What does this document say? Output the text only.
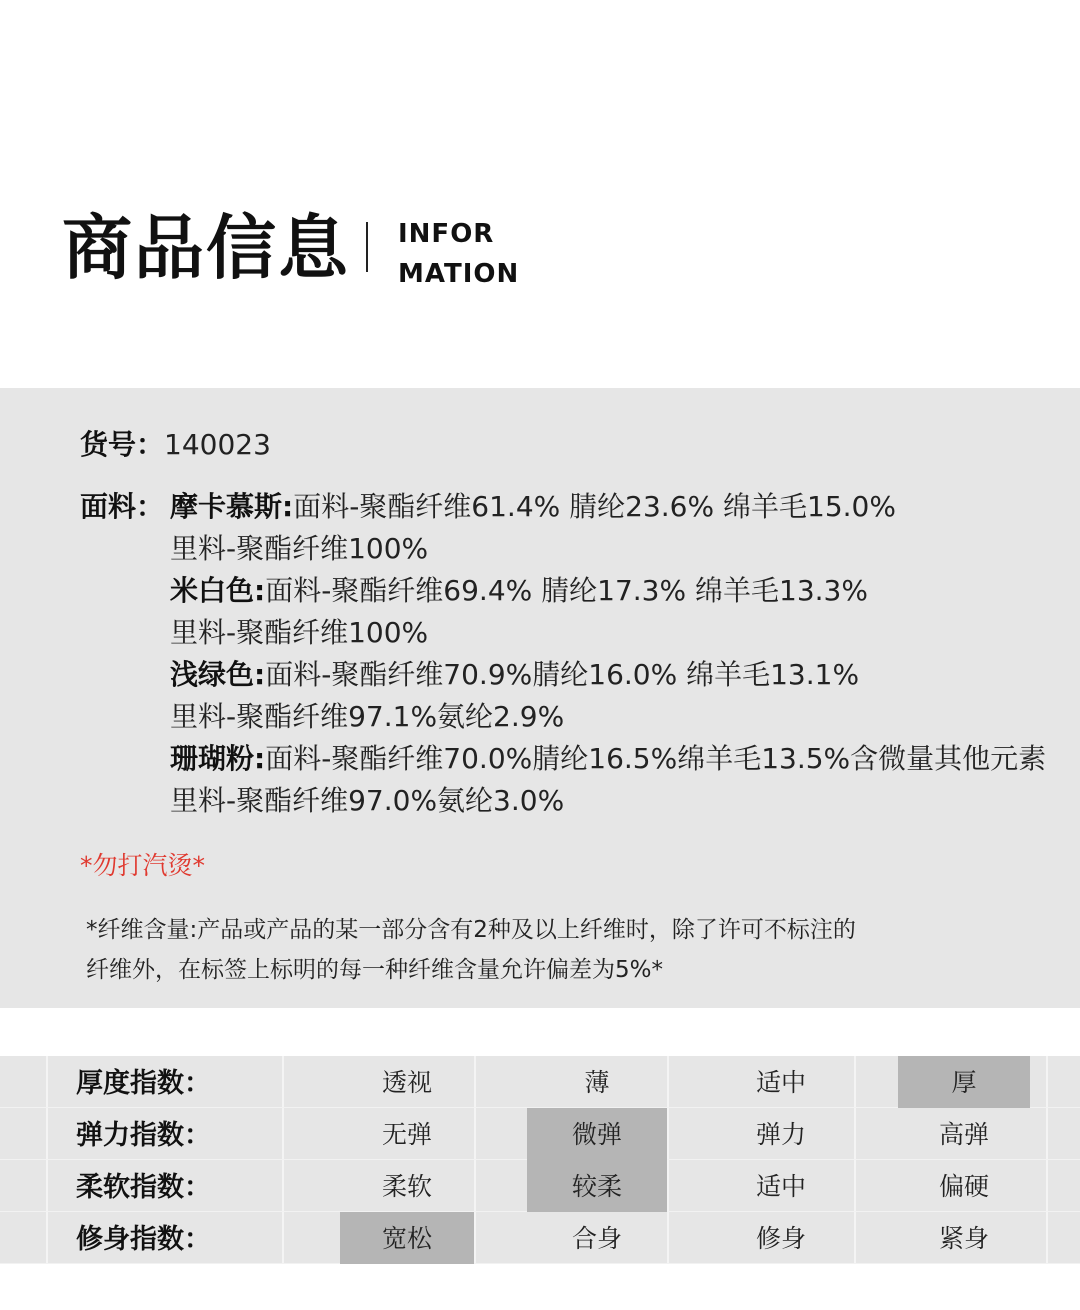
商品信息 INFOR
MATION
货号：140023
面料： 摩卡慕斯:面料-聚酯纤维61.4% 腈纶23.6% 绵羊毛15.0%
里料-聚酯纤维100%
米白色:面料-聚酯纤维69.4% 腈纶17.3% 绵羊毛13.3%
里料-聚酯纤维100%
浅绿色:面料-聚酯纤维70.9%腈纶16.0% 绵羊毛13.1%
里料-聚酯纤维97.1%氨纶2.9%
珊瑚粉:面料-聚酯纤维70.0%腈纶16.5%绵羊毛13.5%含微量其他元素
里料-聚酯纤维97.0%氨纶3.0%
*勿打汽烫*
*纤维含量:产品或产品的某一部分含有2种及以上纤维时，除了许可不标注的
纤维外，在标签上标明的每一种纤维含量允许偏差为5%*
厚度指数：	透视	薄	适中	厚
弹力指数：	无弹	微弹	弹力	高弹
柔软指数：	柔软	较柔	适中	偏硬
修身指数：	宽松	合身	修身	紧身
